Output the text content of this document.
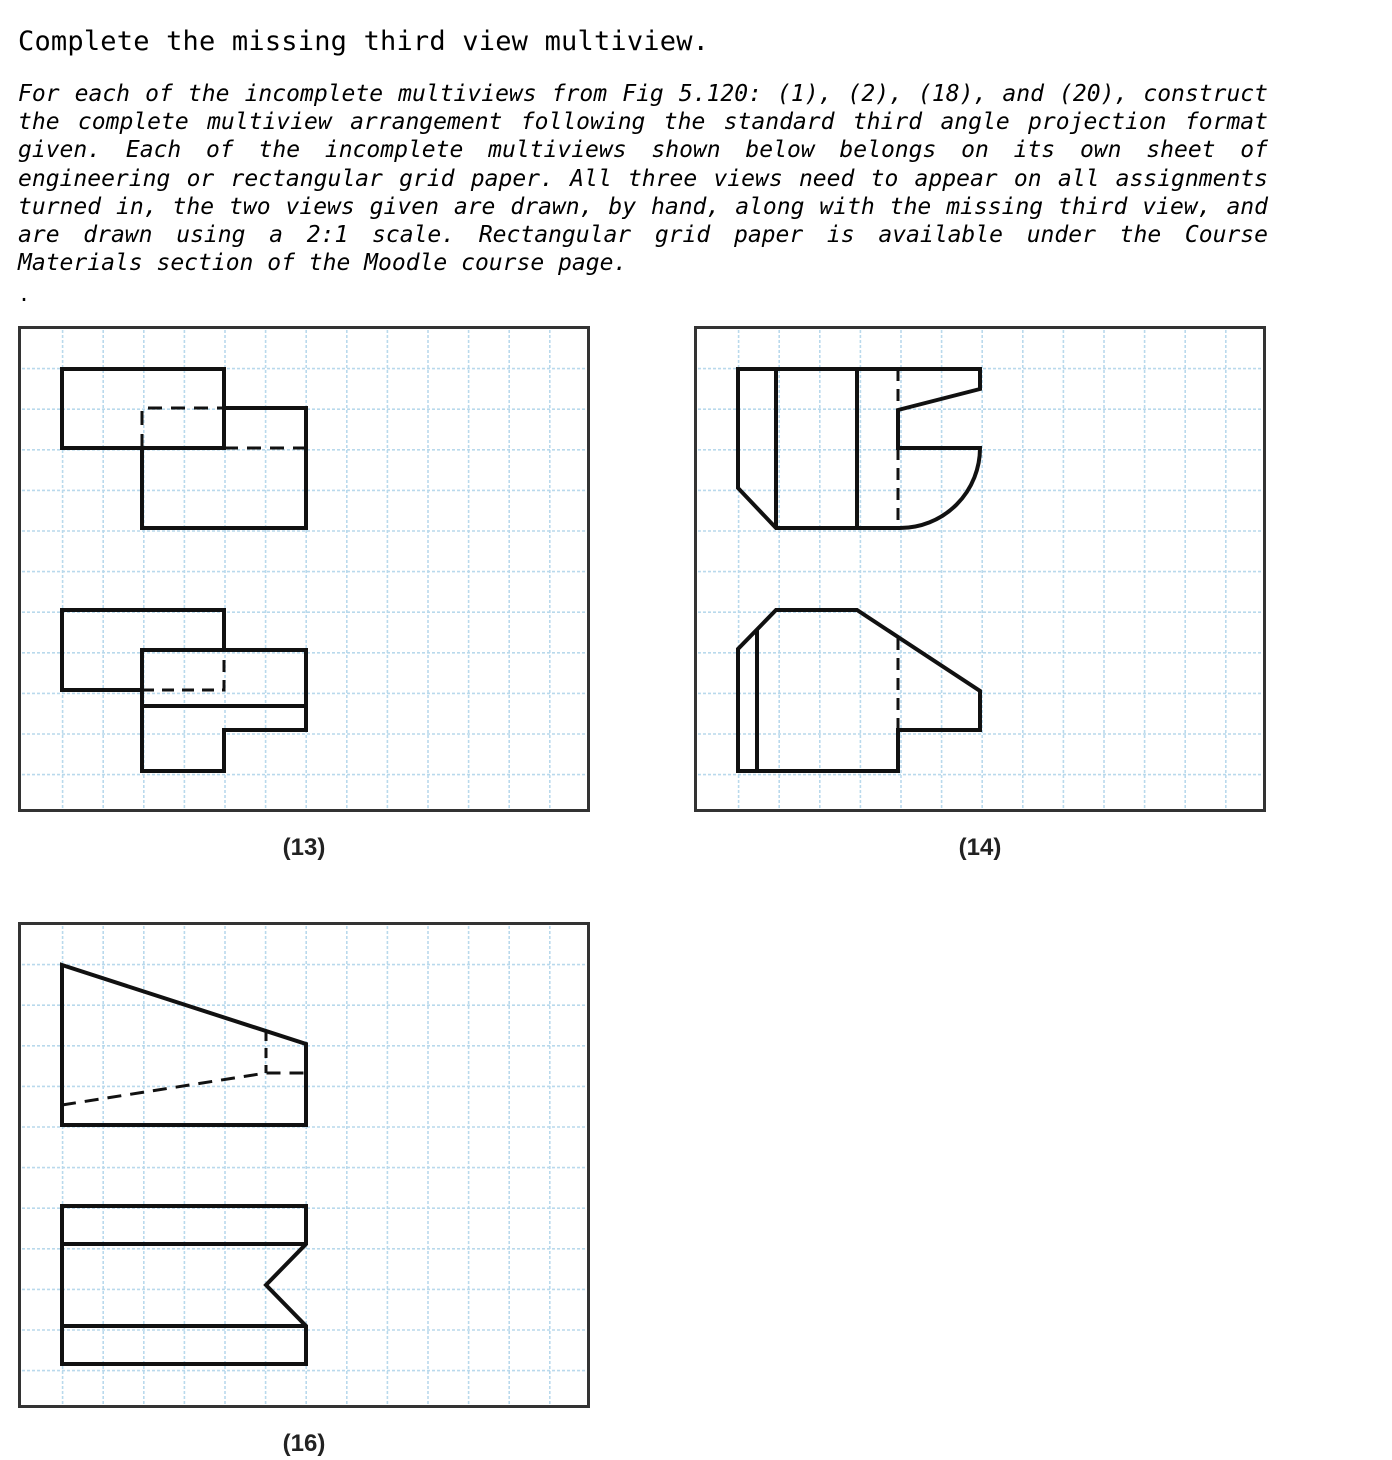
Complete the missing third view multiview.

For each of the incomplete multiviews from Fig 5.120: (1), (2), (18), and (20), construct the complete multiview arrangement following the standard third angle projection format given. Each of the incomplete multiviews shown below belongs on its own sheet of engineering or rectangular grid paper. All three views need to appear on all assignments turned in, the two views given are drawn, by hand, along with the missing third view, and are drawn using a 2:1 scale. Rectangular grid paper is available under the Course Materials section of the Moodle course page.

.

(13)	(14)
(16)
